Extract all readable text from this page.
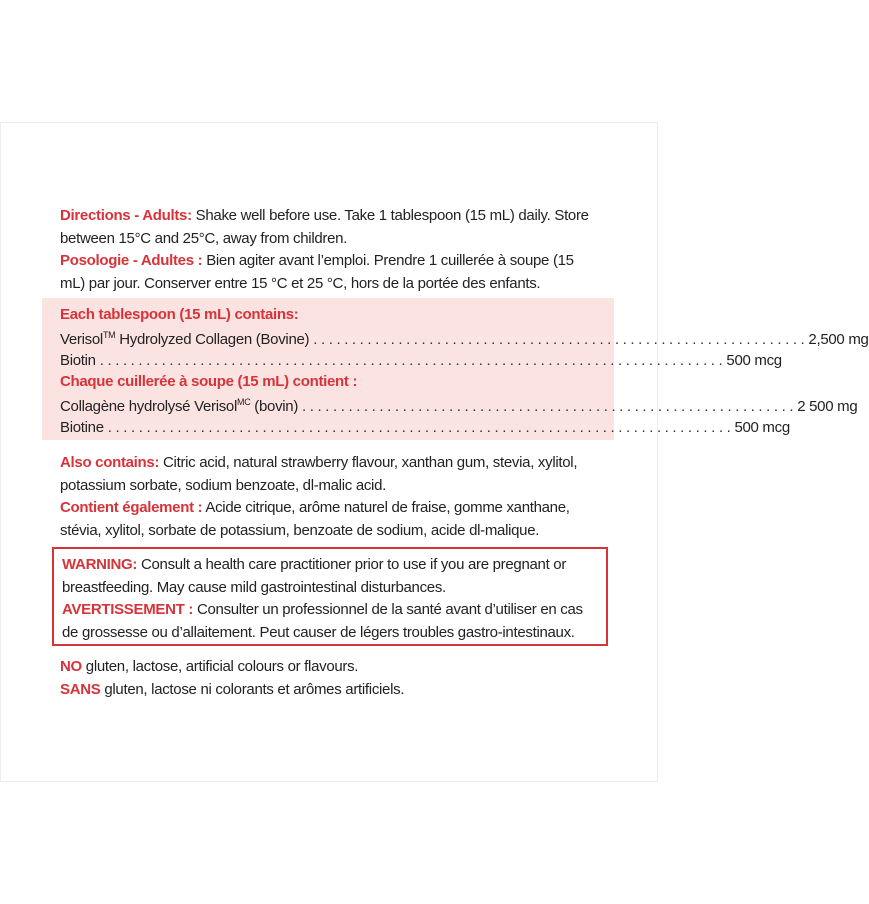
Directions - Adults: Shake well before use. Take 1 tablespoon (15 mL) daily. Store between 15°C and 25°C, away from children.

Posologie - Adultes : Bien agiter avant l’emploi. Prendre 1 cuillerée à soupe (15 mL) par jour. Conserver entre 15 °C et 25 °C, hors de la portée des enfants.

Each tablespoon (15 mL) contains:
Verisol™ Hydrolyzed Collagen (Bovine) . . . . . . . . . . . . . . . . . . . . . . . . . . . . . . . . . . . . . . . . . . . . . . . . . . . . . . . . . . . . . . . . 2,500 mg
Biotin . . . . . . . . . . . . . . . . . . . . . . . . . . . . . . . . . . . . . . . . . . . . . . . . . . . . . . . . . . . . . . . . . . . . . . . . . . . . . . . . . 500 mcg
Chaque cuillerée à soupe (15 mL) contient :
Collagène hydrolysé Verisol$^{MC}$ (bovin) . . . . . . . . . . . . . . . . . . . . . . . . . . . . . . . . . . . . . . . . . . . . . . . . . . . . . . . . . . . . . . . . 2 500 mg
Biotine . . . . . . . . . . . . . . . . . . . . . . . . . . . . . . . . . . . . . . . . . . . . . . . . . . . . . . . . . . . . . . . . . . . . . . . . . . . . . . . . . 500 mcg

Also contains: Citric acid, natural strawberry flavour, xanthan gum, stevia, xylitol, potassium sorbate, sodium benzoate, dl-malic acid.

Contient également : Acide citrique, arôme naturel de fraise, gomme xanthane, stévia, xylitol, sorbate de potassium, benzoate de sodium, acide dl-malique.

WARNING: Consult a health care practitioner prior to use if you are pregnant or breastfeeding. May cause mild gastrointestinal disturbances.

AVERTISSEMENT : Consulter un professionnel de la santé avant d’utiliser en cas de grossesse ou d’allaitement. Peut causer de légers troubles gastro-intestinaux.

NO gluten, lactose, artificial colours or flavours.

SANS gluten, lactose ni colorants et arômes artificiels.
